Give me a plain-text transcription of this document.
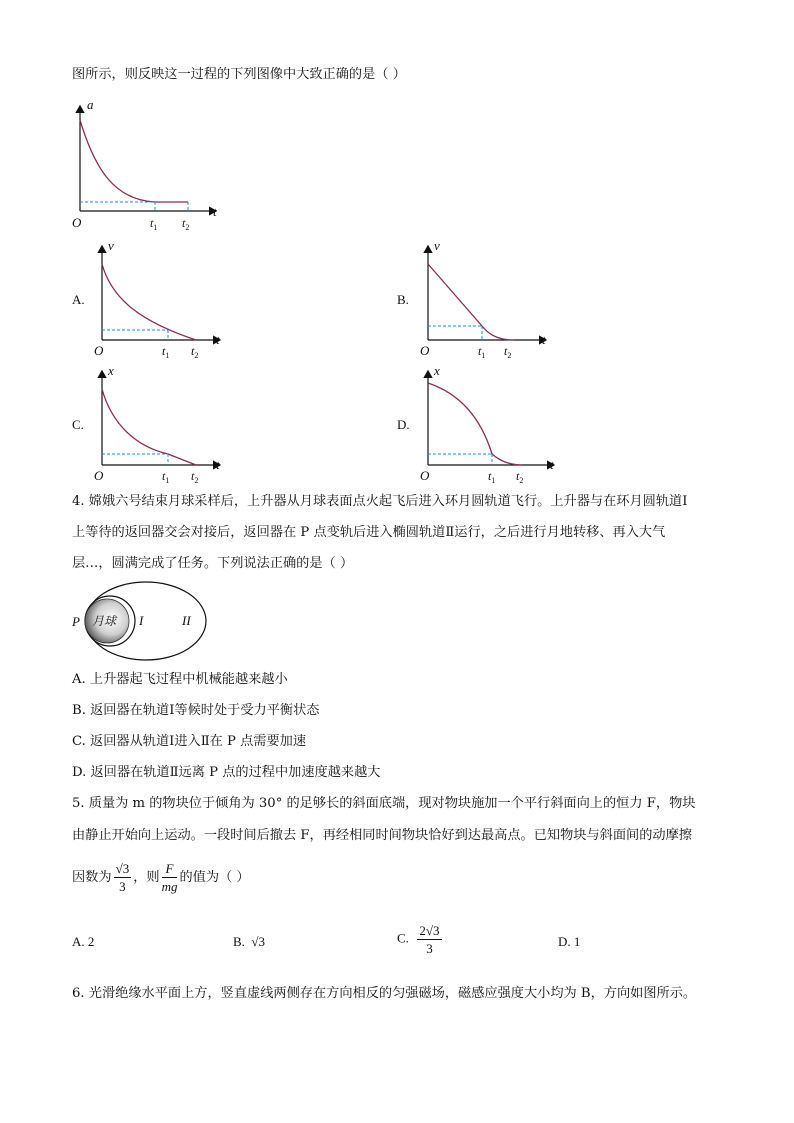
图所示，则反映这一过程的下列图像中大致正确的是（ ）
a
t
O	$t_1$ $t_2$
A.
v
t
O	$t_1$ $t_2$
B.
v
t
O	$t_1$ $t_2$
C.
x
t
O	$t_1$ $t_2$
D.
x
t
O	$t_1$ $t_2$
4. 嫦娥六号结束月球采样后，上升器从月球表面点火起飞后进入环月圆轨道飞行。上升器与在环月圆轨道Ⅰ
上等待的返回器交会对接后，返回器在 P 点变轨后进入椭圆轨道Ⅱ运行，之后进行月地转移、再入大气
层…，圆满完成了任务。下列说法正确的是（ ）
P 月球 I	II
A. 上升器起飞过程中机械能越来越小
B. 返回器在轨道Ⅰ等候时处于受力平衡状态
C. 返回器从轨道Ⅰ进入Ⅱ在 P 点需要加速
D. 返回器在轨道Ⅱ远离 P 点的过程中加速度越来越大
5. 质量为 m 的物块位于倾角为 30° 的足够长的斜面底端，现对物块施加一个平行斜面向上的恒力 F，物块
由静止开始向上运动。一段时间后撤去 F，再经相同时间物块恰好到达最高点。已知物块与斜面间的动摩擦
因数为 $\frac{√3}{3}$ ，则 $\frac{F}{mg}$ 的值为（ ）
A. 2	B. √3	C. $\frac{2√3}{3}$	D. 1
6. 光滑绝缘水平面上方，竖直虚线两侧存在方向相反的匀强磁场，磁感应强度大小均为 B，方向如图所示。
